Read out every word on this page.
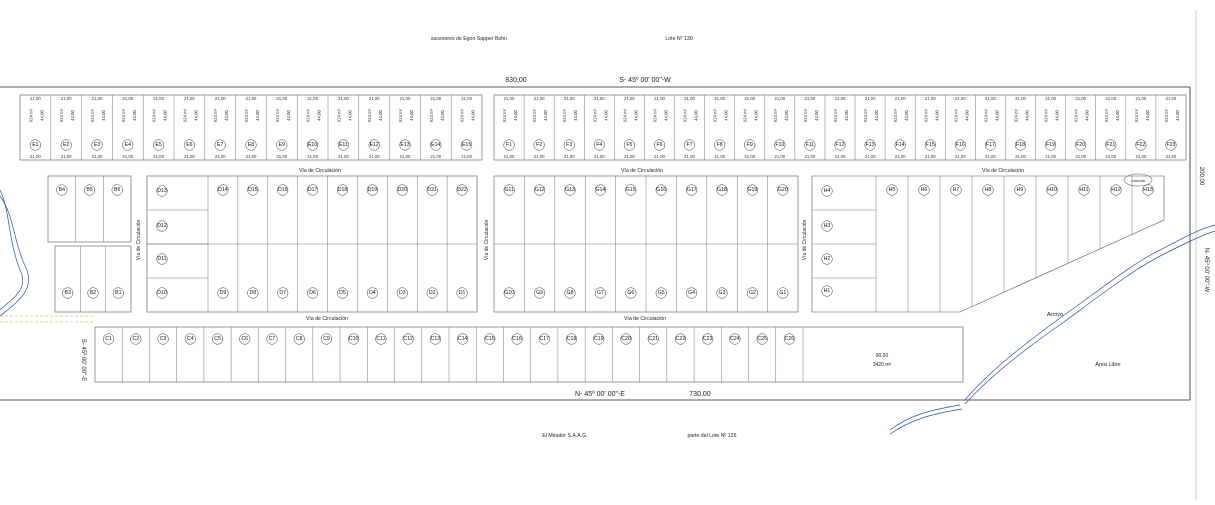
21,00
21,00
924 m² 44,00
21,00
21,00
924 m² 44,00
21,00
21,00
924 m² 44,00
21,00
21,00
924 m² 44,00
21,00
21,00
924 m² 44,00
21,00
21,00
924 m² 44,00
21,00
21,00
924 m² 44,00
21,00
21,00
924 m² 44,00
21,00
21,00
924 m² 44,00
21,00
21,00
924 m² 44,00
21,00
21,00
924 m² 44,00
21,00
21,00
924 m² 44,00
21,00
21,00
924 m² 44,00
21,00
21,00
924 m² 44,00
21,00
21,00
924 m² 44,00
21,00
21,00
924 m² 44,00
21,00
21,00
924 m² 44,00
21,00
21,00
924 m² 44,00
21,00
21,00
924 m² 44,00
21,00
21,00
924 m² 44,00
21,00
21,00
924 m² 44,00
21,00
21,00
924 m² 44,00
21,00
21,00
924 m² 44,00
21,00
21,00
924 m² 44,00
21,00
21,00
924 m² 44,00
21,00
21,00
924 m² 44,00
21,00
21,00
924 m² 44,00
21,00
21,00
924 m² 44,00
21,00
21,00
924 m² 44,00
21,00
21,00
924 m² 44,00
21,00
21,00
924 m² 44,00
21,00
21,00
924 m² 44,00
21,00
21,00
924 m² 44,00
21,00
21,00
924 m² 44,00
21,00
21,00
924 m² 44,00
21,00
21,00
924 m² 44,00
21,00
21,00
924 m² 44,00
21,00
21,00
924 m² 44,00
E1	E2	E3	E4	E5	E6	E7	E8	E9	E10	E11	E12	E13	E14	E15	F1	F2	F3	F4	F5	F6	F7	F8	F9	F10	F11	F12	F13	F14	F15	F16	F17	F18	F19	F20	F21	F22	F23
B4	B5	B6
B3	B2	B1
D13
D12
D11
D10
D14	D15	D16	D17	D18	D19	D20	D21	D22
D9	D8	D7	D6	D5	D4	D3	D2	D1
G11	G12	G13	G14	G15	G16	G17	G18	G19	G20
G10	G9	G8	G7	G6	G5	G4	G3	G2	G1
H4
H3
H2
H1
H5	H6	H7	H8	H9	H10	H11	H12	H13
C1	C2	C3	C4	C5	C6	C7	C8	C9	C10	C11	C12	C13	C14	C15	C16	C17	C18	C19	C20	C21	C22	C23	C24	C25	C26
sucesores de Egon Sapper Bohn	Lote Nº 130
830,00	S- 45º 00' 00"-W
N- 45º 00' 00"-E	730,00
El Mirador S.A.A.G.	parte del Lote Nº 126
S- 45º 00' 00"-E
N- 45º 00' 00"-W
200,00
Vía de Circulación	Vía de Circulación	Vía de Circulación
Vía de Circulación	Vía de Circulación
Vía de Circulación	Vía de Circulación	Vía de Circulación
Arroyo
Área Libre
rotonda
90,00
3420 m²
